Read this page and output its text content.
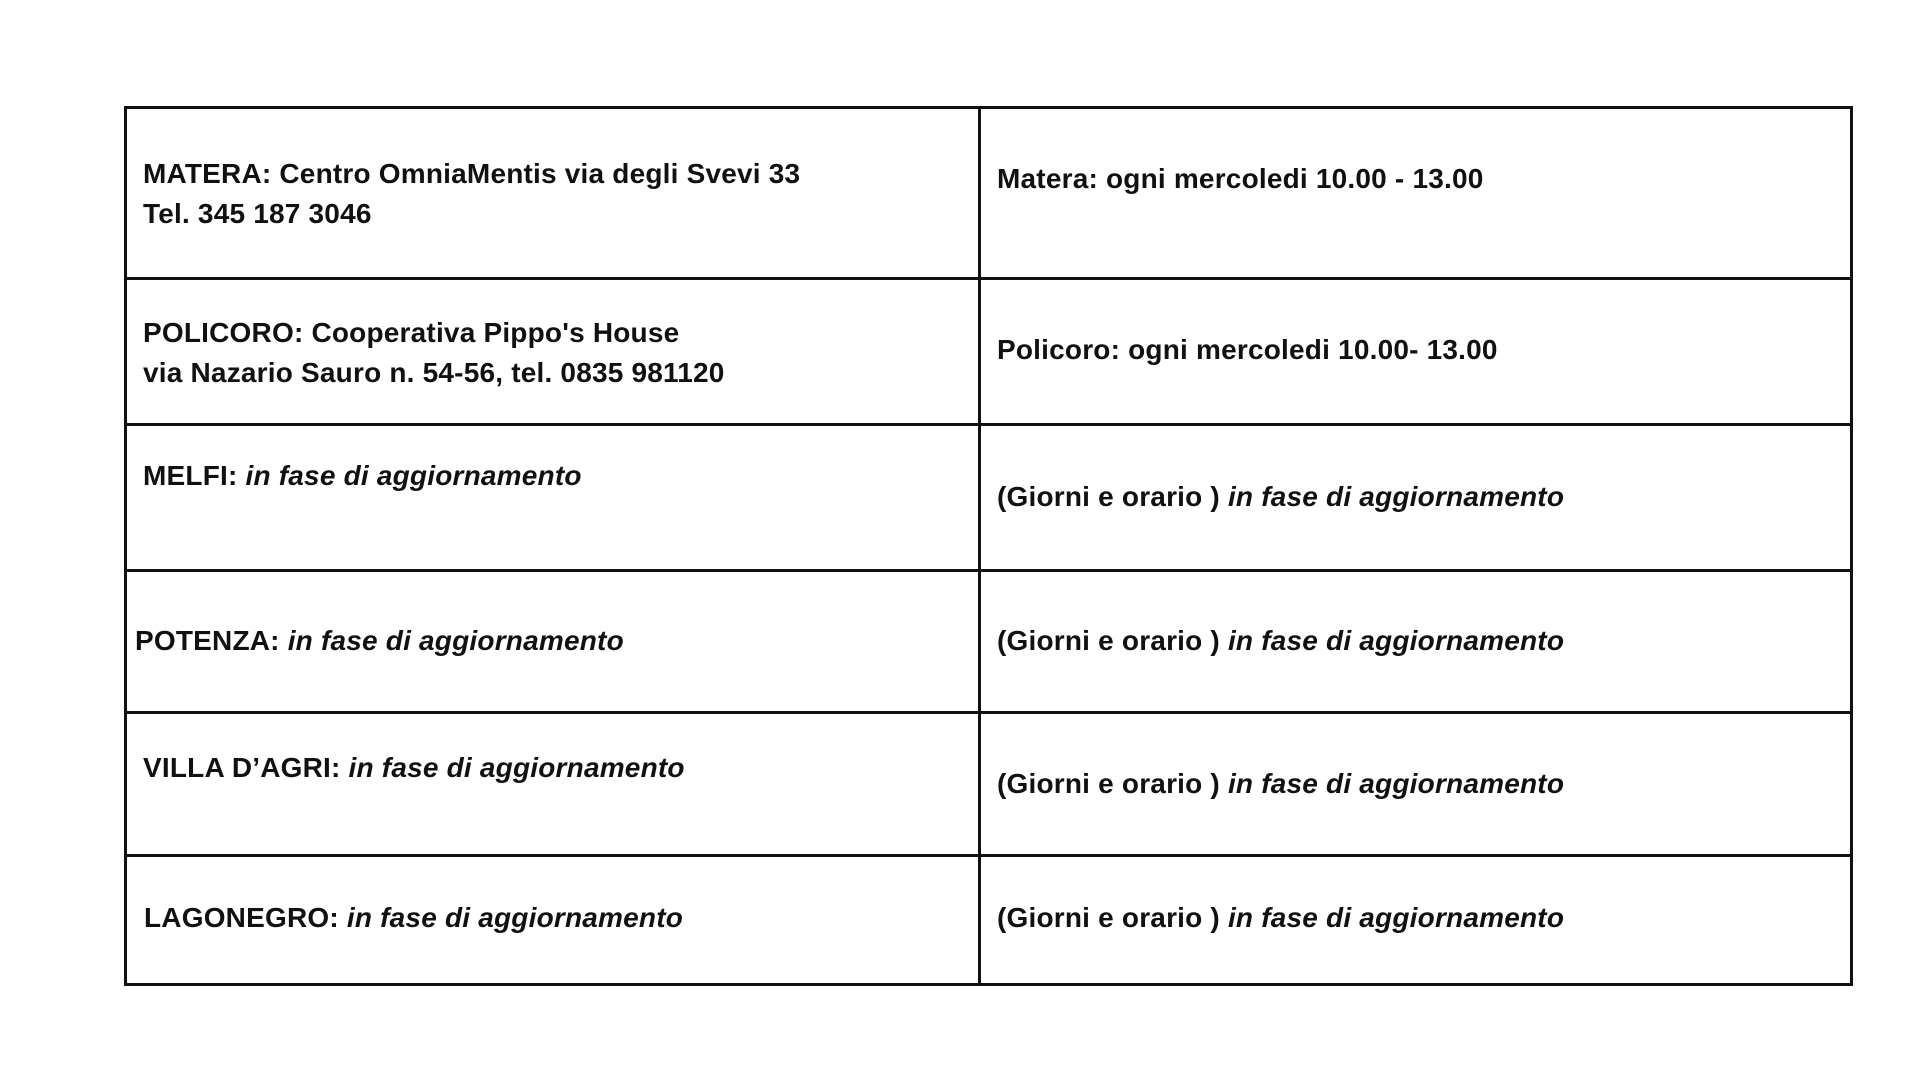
MATERA: Centro OmniaMentis via degli Svevi 33
Tel. 345 187 3046
Matera: ogni mercoledi 10.00 - 13.00
POLICORO: Cooperativa Pippo's House
via Nazario Sauro n. 54-56, tel. 0835 981120
Policoro: ogni mercoledi 10.00- 13.00
MELFI: in fase di aggiornamento
(Giorni e orario ) in fase di aggiornamento
POTENZA: in fase di aggiornamento	(Giorni e orario ) in fase di aggiornamento
VILLA D’AGRI: in fase di aggiornamento
(Giorni e orario ) in fase di aggiornamento
LAGONEGRO: in fase di aggiornamento	(Giorni e orario ) in fase di aggiornamento
